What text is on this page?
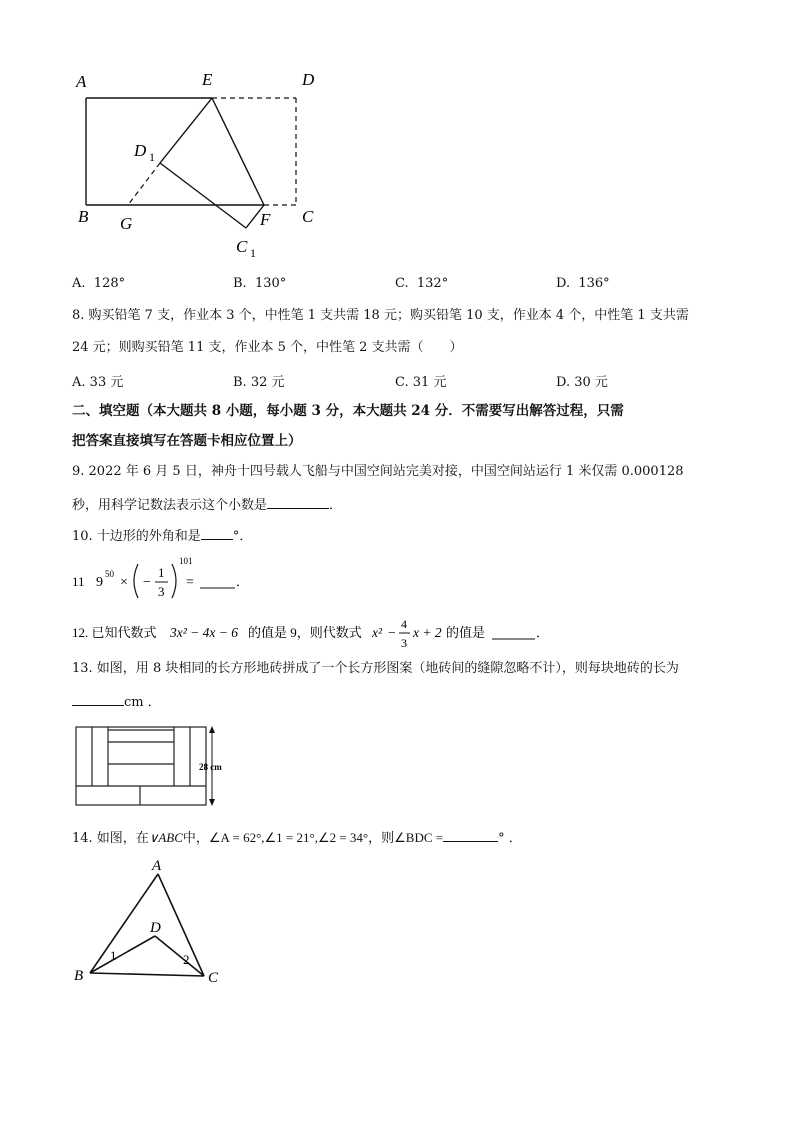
A	E	D
D 1
B G	F C
C 1
A. 128°	B. 130°	C. 132°	D. 136°
8. 购买铅笔 7 支，作业本 3 个，中性笔 1 支共需 18 元；购买铅笔 10 支，作业本 4 个，中性笔 1 支共需
24 元；则购买铅笔 11 支，作业本 5 个，中性笔 2 支共需（　　）
A. 33 元	B. 32 元	C. 31 元	D. 30 元
二、填空题（本大题共 8 小题，每小题 3 分，本大题共 24 分．不需要写出解答过程，只需
把答案直接填写在答题卡相应位置上）
9. 2022 年 6 月 5 日，神舟十四号载人飞船与中国空间站完美对接，中国空间站运行 1 米仅需 0.000128
秒，用科学记数法表示这个小数是	．
10. 十边形的外角和是 °．
11 9
50
× −
1
3
101
=	．
12. 已知代数式 3x² − 4x − 6 的值是 9，则代数式 x² −
4
3
x + 2 的值是	．
13. 如图，用 8 块相同的长方形地砖拼成了一个长方形图案（地砖间的缝隙忽略不计），则每块地砖的长为
cm ．
28 cm
14. 如图，在∨ABC中，∠A = 62°,∠1 = 21°,∠2 = 34°，则∠BDC =	° ．
A
D
B	C
1	2
